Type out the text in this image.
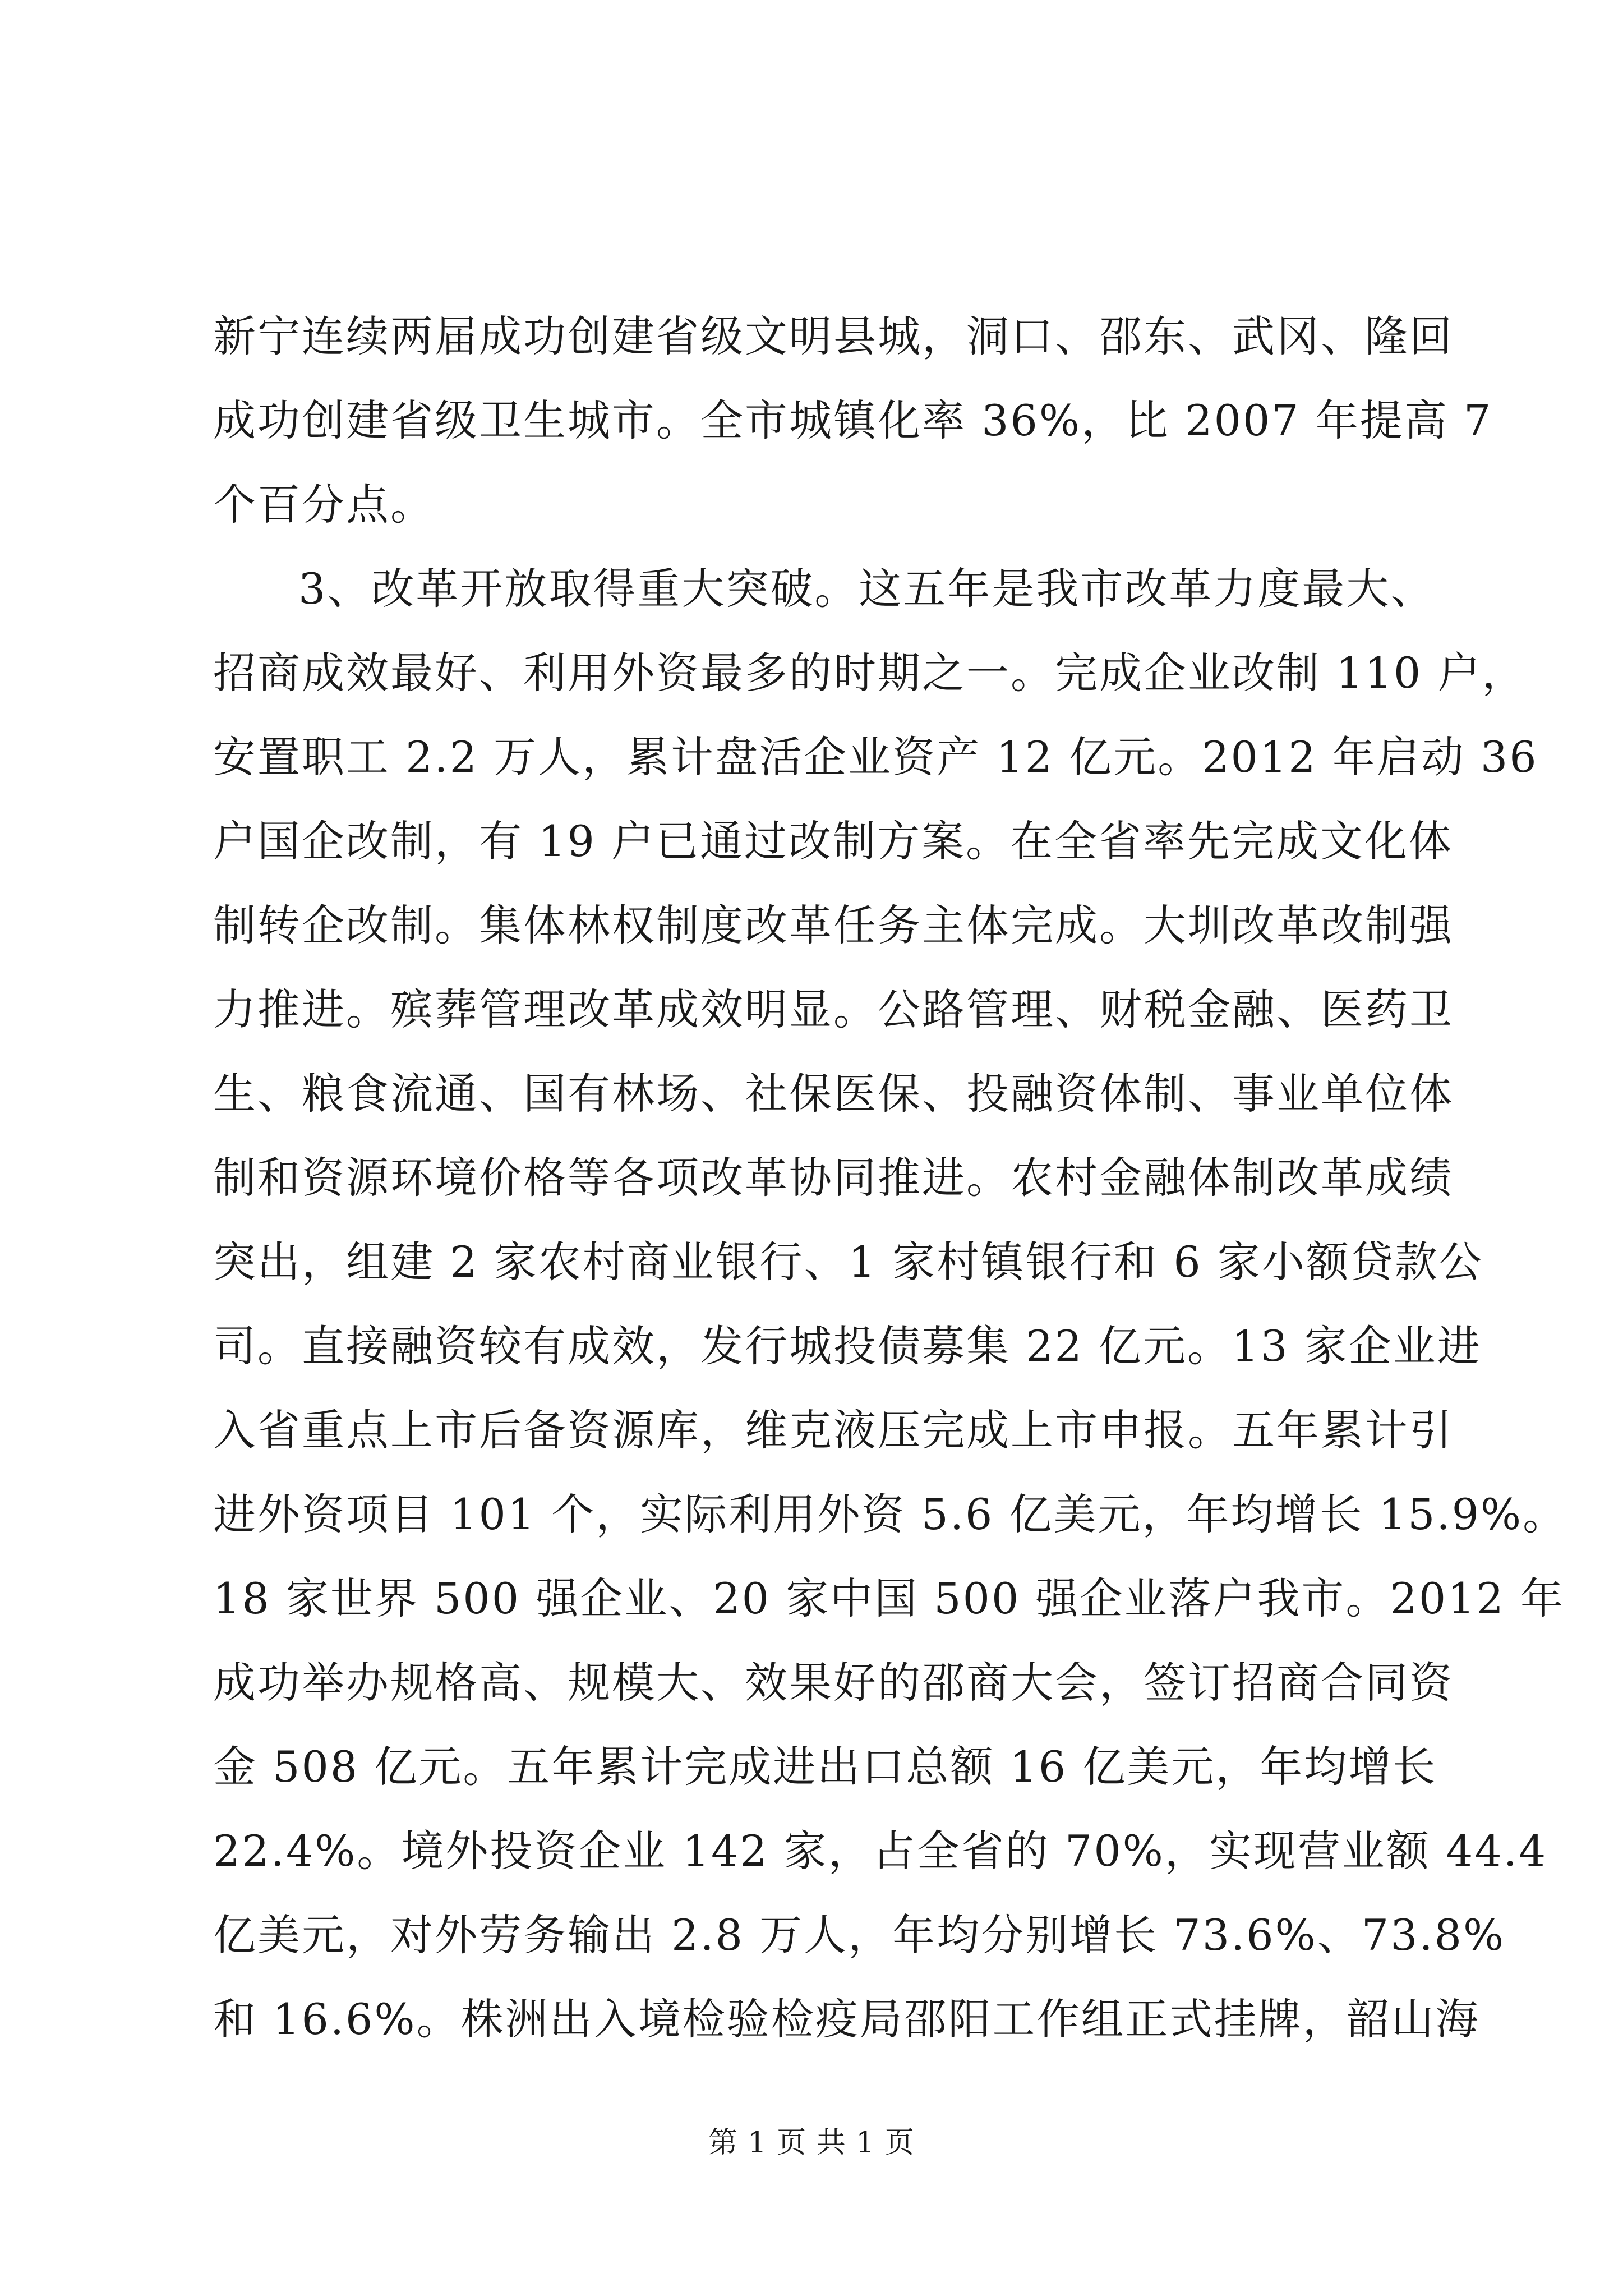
新宁连续两届成功创建省级文明县城，洞口、邵东、武冈、隆回
成功创建省级卫生城市。全市城镇化率 36%，比 2007 年提高 7
个百分点。
3、改革开放取得重大突破。这五年是我市改革力度最大、
招商成效最好、利用外资最多的时期之一。完成企业改制 110 户，
安置职工 2.2 万人，累计盘活企业资产 12 亿元。2012 年启动 36
户国企改制，有 19 户已通过改制方案。在全省率先完成文化体
制转企改制。集体林权制度改革任务主体完成。大圳改革改制强
力推进。殡葬管理改革成效明显。公路管理、财税金融、医药卫
生、粮食流通、国有林场、社保医保、投融资体制、事业单位体
制和资源环境价格等各项改革协同推进。农村金融体制改革成绩
突出，组建 2 家农村商业银行、1 家村镇银行和 6 家小额贷款公
司。直接融资较有成效，发行城投债募集 22 亿元。13 家企业进
入省重点上市后备资源库，维克液压完成上市申报。五年累计引
进外资项目 101 个，实际利用外资 5.6 亿美元，年均增长 15.9%。
18 家世界 500 强企业、20 家中国 500 强企业落户我市。2012 年
成功举办规格高、规模大、效果好的邵商大会，签订招商合同资
金 508 亿元。五年累计完成进出口总额 16 亿美元，年均增长
22.4%。境外投资企业 142 家，占全省的 70%，实现营业额 44.4
亿美元，对外劳务输出 2.8 万人，年均分别增长 73.6%、73.8%
和 16.6%。株洲出入境检验检疫局邵阳工作组正式挂牌，韶山海
第 1 页 共 1 页
